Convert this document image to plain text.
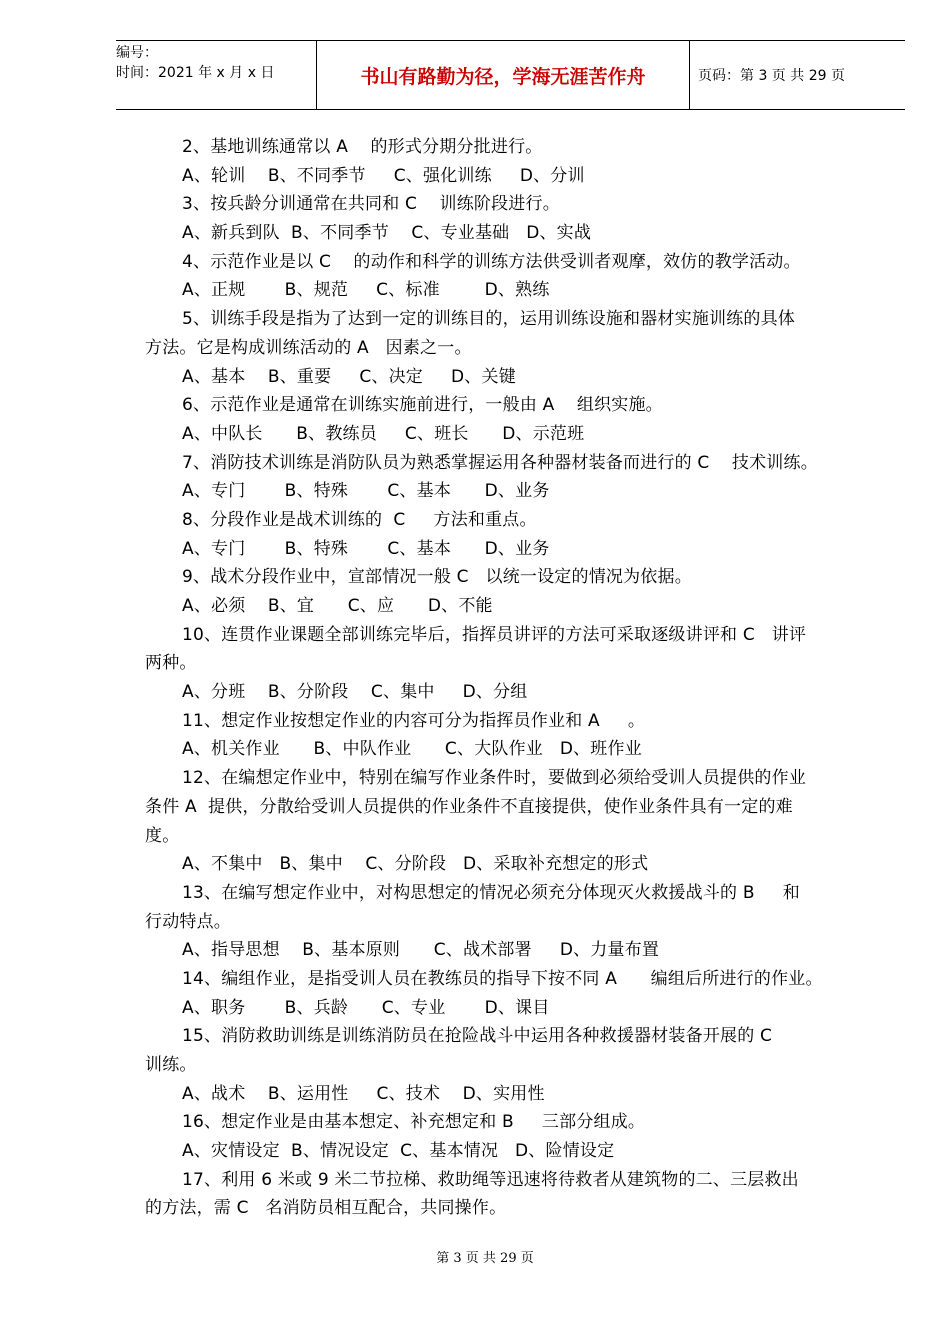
编号：
时间：2021 年 x 月 x 日	书山有路勤为径，学海无涯苦作舟	页码：第 3 页 共 29 页
2、基地训练通常以 A    的形式分期分批进行。
A、轮训    B、不同季节     C、强化训练     D、分训
3、按兵龄分训通常在共同和 C    训练阶段进行。
A、新兵到队  B、不同季节    C、专业基础   D、实战
4、示范作业是以 C    的动作和科学的训练方法供受训者观摩，效仿的教学活动。
A、正规       B、规范     C、标准        D、熟练
5、训练手段是指为了达到一定的训练目的，运用训练设施和器材实施训练的具体
方法。它是构成训练活动的 A   因素之一。
A、基本    B、重要     C、决定     D、关键
6、示范作业是通常在训练实施前进行，一般由 A    组织实施。
A、中队长      B、教练员     C、班长      D、示范班
7、消防技术训练是消防队员为熟悉掌握运用各种器材装备而进行的 C    技术训练。
A、专门       B、特殊       C、基本      D、业务
8、分段作业是战术训练的  C     方法和重点。
A、专门       B、特殊       C、基本      D、业务
9、战术分段作业中，宣部情况一般 C   以统一设定的情况为依据。
A、必须    B、宜      C、应      D、不能
10、连贯作业课题全部训练完毕后，指挥员讲评的方法可采取逐级讲评和 C   讲评
两种。
A、分班    B、分阶段    C、集中     D、分组
11、想定作业按想定作业的内容可分为指挥员作业和 A     。
A、机关作业      B、中队作业      C、大队作业   D、班作业
12、在编想定作业中，特别在编写作业条件时，要做到必须给受训人员提供的作业
条件 A  提供，分散给受训人员提供的作业条件不直接提供，使作业条件具有一定的难
度。
A、不集中   B、集中    C、分阶段   D、采取补充想定的形式
13、在编写想定作业中，对构思想定的情况必须充分体现灭火救援战斗的 B     和
行动特点。
A、指导思想    B、基本原则      C、战术部署     D、力量布置
14、编组作业，是指受训人员在教练员的指导下按不同 A      编组后所进行的作业。
A、职务       B、兵龄      C、专业       D、课目
15、消防救助训练是训练消防员在抢险战斗中运用各种救援器材装备开展的 C
训练。
A、战术    B、运用性     C、技术    D、实用性
16、想定作业是由基本想定、补充想定和 B     三部分组成。
A、灾情设定  B、情况设定  C、基本情况   D、险情设定
17、利用 6 米或 9 米二节拉梯、救助绳等迅速将待救者从建筑物的二、三层救出
的方法，需 C   名消防员相互配合，共同操作。
第 3 页 共 29 页
